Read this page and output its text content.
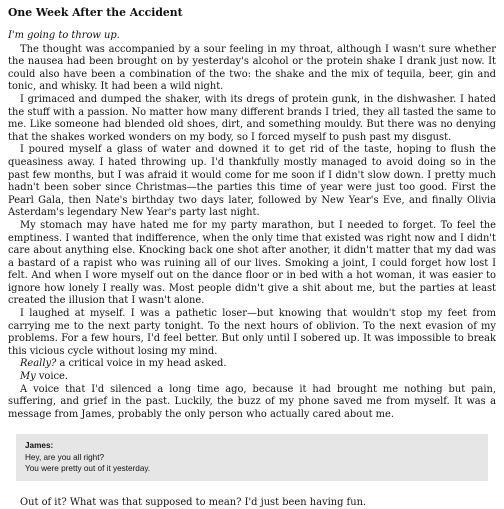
One Week After the Accident

I'm going to throw up.

The thought was accompanied by a sour feeling in my throat, although I wasn't sure whether the nausea had been brought on by yesterday's alcohol or the protein shake I drank just now. It could also have been a combination of the two: the shake and the mix of tequila, beer, gin and tonic, and whisky. It had been a wild night.

I grimaced and dumped the shaker, with its dregs of protein gunk, in the dishwasher. I hated the stuff with a passion. No matter how many different brands I tried, they all tasted the same to me. Like someone had blended old shoes, dirt, and something mouldy. But there was no denying that the shakes worked wonders on my body, so I forced myself to push past my disgust.

I poured myself a glass of water and downed it to get rid of the taste, hoping to flush the queasiness away. I hated throwing up. I'd thankfully mostly managed to avoid doing so in the past few months, but I was afraid it would come for me soon if I didn't slow down. I pretty much hadn't been sober since Christmas—the parties this time of year were just too good. First the Pearl Gala, then Nate's birthday two days later, followed by New Year's Eve, and finally Olivia Asterdam's legendary New Year's party last night.

My stomach may have hated me for my party marathon, but I needed to forget. To feel the emptiness. I wanted that indifference, when the only time that existed was right now and I didn't care about anything else. Knocking back one shot after another, it didn't matter that my dad was a bastard of a rapist who was ruining all of our lives. Smoking a joint, I could forget how lost I felt. And when I wore myself out on the dance floor or in bed with a hot woman, it was easier to ignore how lonely I really was. Most people didn't give a shit about me, but the parties at least created the illusion that I wasn't alone.

I laughed at myself. I was a pathetic loser—but knowing that wouldn't stop my feet from carrying me to the next party tonight. To the next hours of oblivion. To the next evasion of my problems. For a few hours, I'd feel better. But only until I sobered up. It was impossible to break this vicious cycle without losing my mind.

Really? a critical voice in my head asked.

My voice.

A voice that I'd silenced a long time ago, because it had brought me nothing but pain, suffering, and grief in the past. Luckily, the buzz of my phone saved me from myself. It was a message from James, probably the only person who actually cared about me.

James:
Hey, are you all right?
You were pretty out of it yesterday.

Out of it? What was that supposed to mean? I'd just been having fun.
